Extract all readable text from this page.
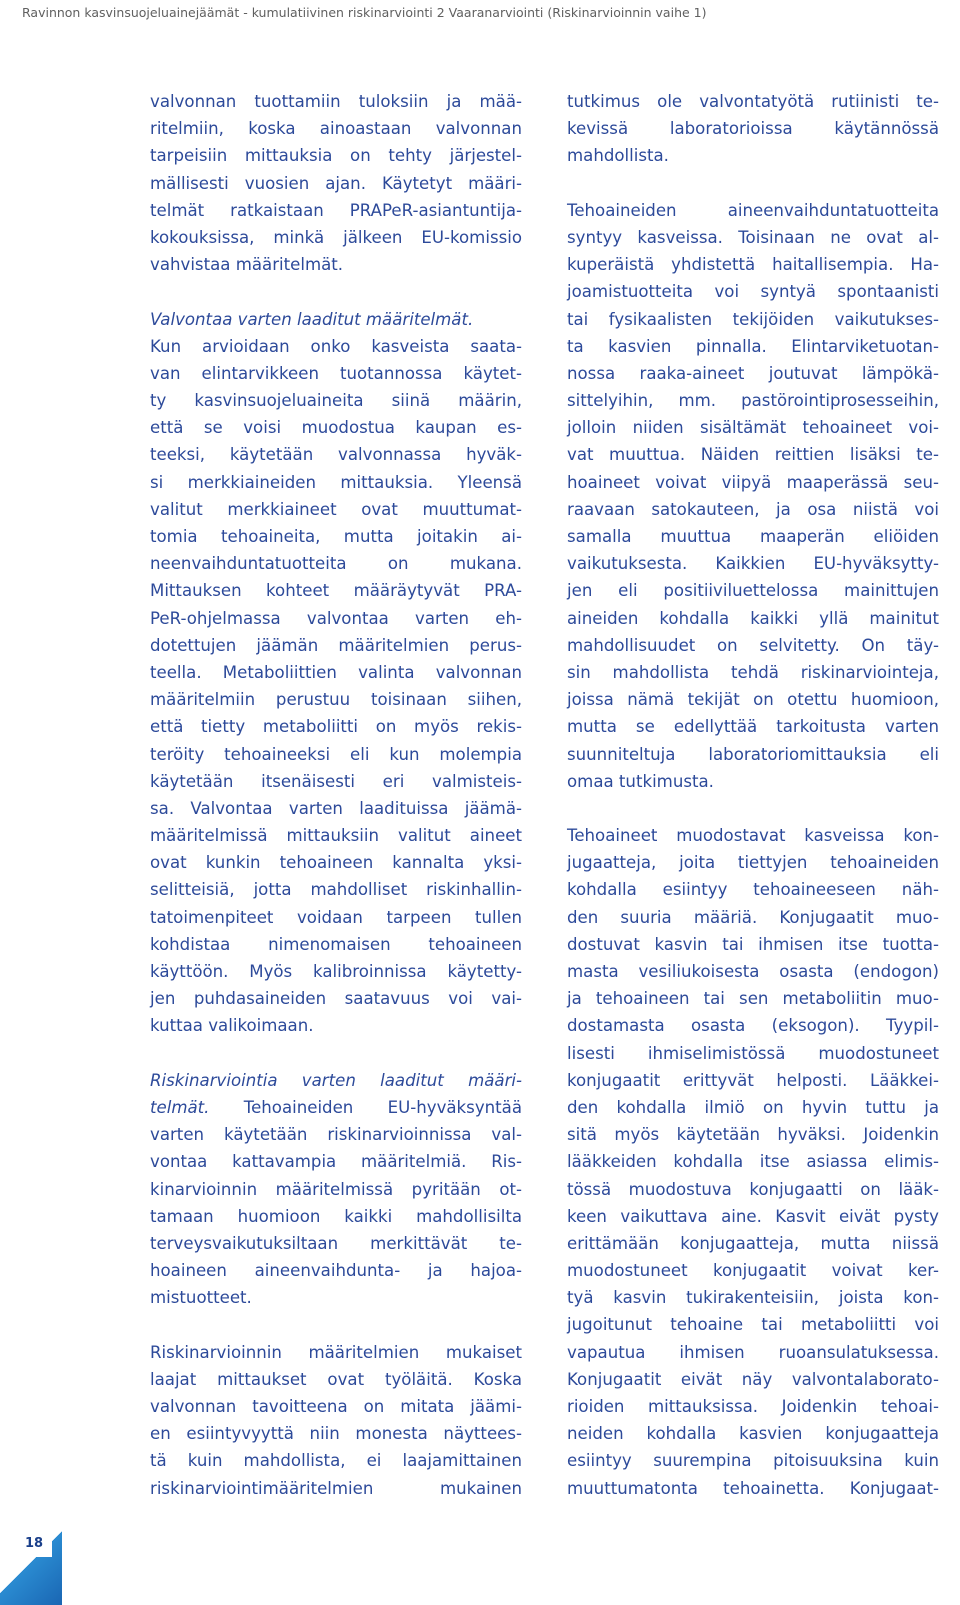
Ravinnon kasvinsuojeluainejäämät - kumulatiivinen riskinarviointi 2 Vaaranarviointi (Riskinarvioinnin vaihe 1)
valvonnan tuottamiin tuloksiin ja mää-
ritelmiin, koska ainoastaan valvonnan
tarpeisiin mittauksia on tehty järjestel-
mällisesti vuosien ajan. Käytetyt määri-
telmät ratkaistaan PRAPeR-asiantuntija-
kokouksissa, minkä jälkeen EU-komissio
vahvistaa määritelmät.
Valvontaa varten laaditut määritelmät.
Kun arvioidaan onko kasveista saata-
van elintarvikkeen tuotannossa käytet-
ty kasvinsuojeluaineita siinä määrin,
että se voisi muodostua kaupan es-
teeksi, käytetään valvonnassa hyväk-
si merkkiaineiden mittauksia. Yleensä
valitut merkkiaineet ovat muuttumat-
tomia tehoaineita, mutta joitakin ai-
neenvaihduntatuotteita on mukana.
Mittauksen kohteet määräytyvät PRA-
PeR-ohjelmassa valvontaa varten eh-
dotettujen jäämän määritelmien perus-
teella. Metaboliittien valinta valvonnan
määritelmiin perustuu toisinaan siihen,
että tietty metaboliitti on myös rekis-
teröity tehoaineeksi eli kun molempia
käytetään itsenäisesti eri valmisteis-
sa. Valvontaa varten laadituissa jäämä-
määritelmissä mittauksiin valitut aineet
ovat kunkin tehoaineen kannalta yksi-
selitteisiä, jotta mahdolliset riskinhallin-
tatoimenpiteet voidaan tarpeen tullen
kohdistaa nimenomaisen tehoaineen
käyttöön. Myös kalibroinnissa käytetty-
jen puhdasaineiden saatavuus voi vai-
kuttaa valikoimaan.
Riskinarviointia varten laaditut määri-
telmät. Tehoaineiden EU-hyväksyntää
varten käytetään riskinarvioinnissa val-
vontaa kattavampia määritelmiä. Ris-
kinarvioinnin määritelmissä pyritään ot-
tamaan huomioon kaikki mahdollisilta
terveysvaikutuksiltaan merkittävät te-
hoaineen aineenvaihdunta- ja hajoa-
mistuotteet.
Riskinarvioinnin määritelmien mukaiset
laajat mittaukset ovat työläitä. Koska
valvonnan tavoitteena on mitata jäämi-
en esiintyvyyttä niin monesta näyttees-
tä kuin mahdollista, ei laajamittainen
riskinarviointimääritelmien mukainen
tutkimus ole valvontatyötä rutiinisti te-
kevissä laboratorioissa käytännössä
mahdollista.
Tehoaineiden aineenvaihduntatuotteita
syntyy kasveissa. Toisinaan ne ovat al-
kuperäistä yhdistettä haitallisempia. Ha-
joamistuotteita voi syntyä spontaanisti
tai fysikaalisten tekijöiden vaikutukses-
ta kasvien pinnalla. Elintarviketuotan-
nossa raaka-aineet joutuvat lämpökä-
sittelyihin, mm. pastörointiprosesseihin,
jolloin niiden sisältämät tehoaineet voi-
vat muuttua. Näiden reittien lisäksi te-
hoaineet voivat viipyä maaperässä seu-
raavaan satokauteen, ja osa niistä voi
samalla muuttua maaperän eliöiden
vaikutuksesta. Kaikkien EU-hyväksytty-
jen eli positiiviluettelossa mainittujen
aineiden kohdalla kaikki yllä mainitut
mahdollisuudet on selvitetty. On täy-
sin mahdollista tehdä riskinarviointeja,
joissa nämä tekijät on otettu huomioon,
mutta se edellyttää tarkoitusta varten
suunniteltuja laboratoriomittauksia eli
omaa tutkimusta.
Tehoaineet muodostavat kasveissa kon-
jugaatteja, joita tiettyjen tehoaineiden
kohdalla esiintyy tehoaineeseen näh-
den suuria määriä. Konjugaatit muo-
dostuvat kasvin tai ihmisen itse tuotta-
masta vesiliukoisesta osasta (endogon)
ja tehoaineen tai sen metaboliitin muo-
dostamasta osasta (eksogon). Tyypil-
lisesti ihmiselimistössä muodostuneet
konjugaatit erittyvät helposti. Lääkkei-
den kohdalla ilmiö on hyvin tuttu ja
sitä myös käytetään hyväksi. Joidenkin
lääkkeiden kohdalla itse asiassa elimis-
tössä muodostuva konjugaatti on lääk-
keen vaikuttava aine. Kasvit eivät pysty
erittämään konjugaatteja, mutta niissä
muodostuneet konjugaatit voivat ker-
tyä kasvin tukirakenteisiin, joista kon-
jugoitunut tehoaine tai metaboliitti voi
vapautua ihmisen ruoansulatuksessa.
Konjugaatit eivät näy valvontalaborato-
rioiden mittauksissa. Joidenkin tehoai-
neiden kohdalla kasvien konjugaatteja
esiintyy suurempina pitoisuuksina kuin
muuttumatonta tehoainetta. Konjugaat-
18
